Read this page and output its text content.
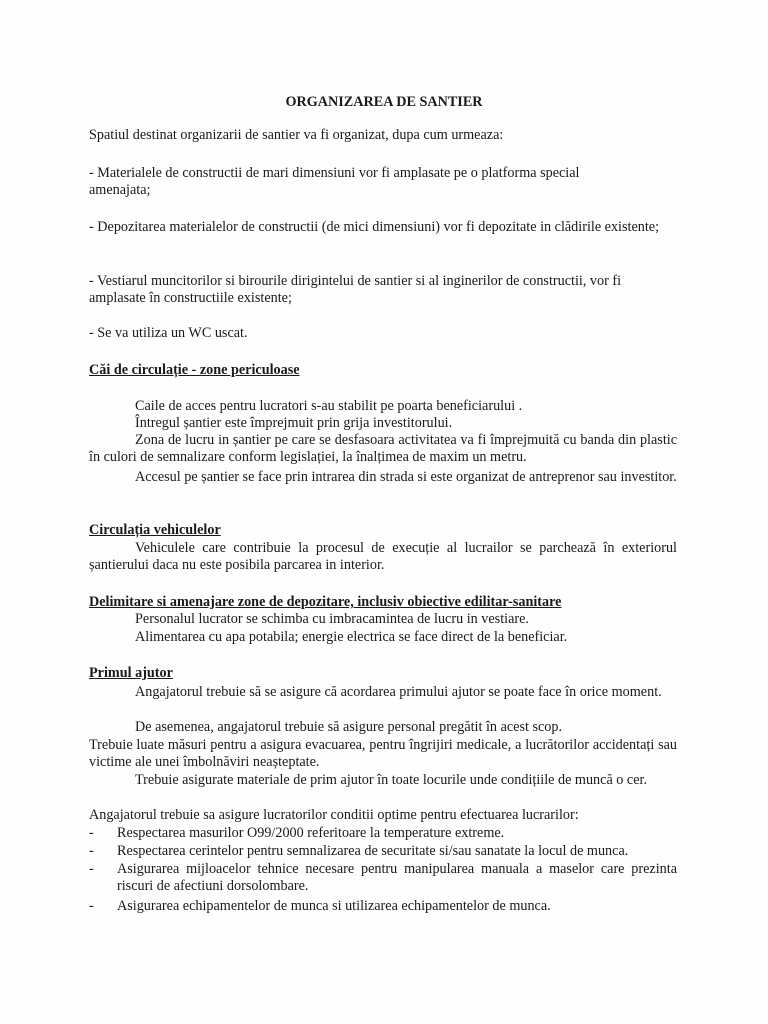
ORGANIZAREA DE SANTIER

Spatiul destinat organizarii de santier va fi organizat, dupa cum urmeaza:

- Materialele de constructii de mari dimensiuni vor fi amplasate pe o platforma special amenajata;

- Depozitarea materialelor de constructii (de mici dimensiuni) vor fi depozitate in clădirile existente;

- Vestiarul muncitorilor si birourile dirigintelui de santier si al inginerilor de constructii, vor fi amplasate în constructiile existente;

- Se va utiliza un WC uscat.

Căi de circulație - zone periculoase

Caile de acces pentru lucratori s-au stabilit pe poarta beneficiarului .

Întregul șantier este împrejmuit prin grija investitorului.

Zona de lucru in șantier pe care se desfasoara activitatea va fi împrejmuită cu banda din plastic în culori de semnalizare conform legislației, la înalțimea de maxim un metru.

Accesul pe șantier se face prin intrarea din strada si este organizat de antreprenor sau investitor.

Circulația vehiculelor

Vehiculele care contribuie la procesul de execuție al lucrailor se parchează în exteriorul șantierului daca nu este posibila parcarea in interior.

Delimitare si amenajare zone de depozitare, inclusiv obiective edilitar-sanitare

Personalul lucrator se schimba cu imbracamintea de lucru in vestiare.

Alimentarea cu apa potabila; energie electrica se face direct de la beneficiar.

Primul ajutor

Angajatorul trebuie să se asigure că acordarea primului ajutor se poate face în orice moment.

De asemenea, angajatorul trebuie să asigure personal pregătit în acest scop.

Trebuie luate măsuri pentru a asigura evacuarea, pentru îngrijiri medicale, a lucrătorilor accidentați sau victime ale unei îmbolnăviri neașteptate.

Trebuie asigurate materiale de prim ajutor în toate locurile unde condițiile de muncă o cer.

Angajatorul trebuie sa asigure lucratorilor conditii optime pentru efectuarea lucrarilor:

- Respectarea masurilor O99/2000 referitoare la temperature extreme.
- Respectarea cerintelor pentru semnalizarea de securitate si/sau sanatate la locul de munca.
- Asigurarea mijloacelor tehnice necesare pentru manipularea manuala a maselor care prezinta riscuri de afectiuni dorsolombare.
- Asigurarea echipamentelor de munca si utilizarea echipamentelor de munca.
